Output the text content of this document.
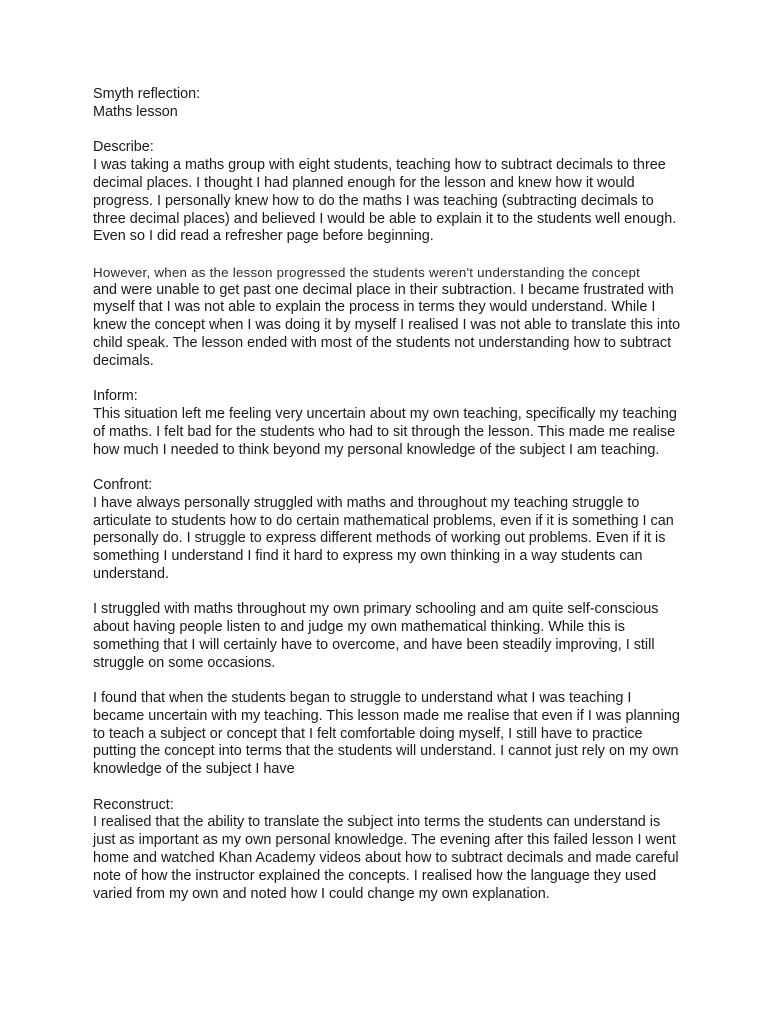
Smyth reflection:
Maths lesson
Describe:
I was taking a maths group with eight students, teaching how to subtract decimals to three
decimal places. I thought I had planned enough for the lesson and knew how it would
progress. I personally knew how to do the maths I was teaching (subtracting decimals to
three decimal places) and believed I would be able to explain it to the students well enough.
Even so I did read a refresher page before beginning.
However, when as the lesson progressed the students weren't understanding the concept
and were unable to get past one decimal place in their subtraction. I became frustrated with
myself that I was not able to explain the process in terms they would understand. While I
knew the concept when I was doing it by myself I realised I was not able to translate this into
child speak. The lesson ended with most of the students not understanding how to subtract
decimals.
Inform:
This situation left me feeling very uncertain about my own teaching, specifically my teaching
of maths. I felt bad for the students who had to sit through the lesson. This made me realise
how much I needed to think beyond my personal knowledge of the subject I am teaching.
Confront:
I have always personally struggled with maths and throughout my teaching struggle to
articulate to students how to do certain mathematical problems, even if it is something I can
personally do. I struggle to express different methods of working out problems. Even if it is
something I understand I find it hard to express my own thinking in a way students can
understand.
I struggled with maths throughout my own primary schooling and am quite self-conscious
about having people listen to and judge my own mathematical thinking. While this is
something that I will certainly have to overcome, and have been steadily improving, I still
struggle on some occasions.
I found that when the students began to struggle to understand what I was teaching I
became uncertain with my teaching. This lesson made me realise that even if I was planning
to teach a subject or concept that I felt comfortable doing myself, I still have to practice
putting the concept into terms that the students will understand. I cannot just rely on my own
knowledge of the subject I have
Reconstruct:
I realised that the ability to translate the subject into terms the students can understand is
just as important as my own personal knowledge. The evening after this failed lesson I went
home and watched Khan Academy videos about how to subtract decimals and made careful
note of how the instructor explained the concepts. I realised how the language they used
varied from my own and noted how I could change my own explanation.
